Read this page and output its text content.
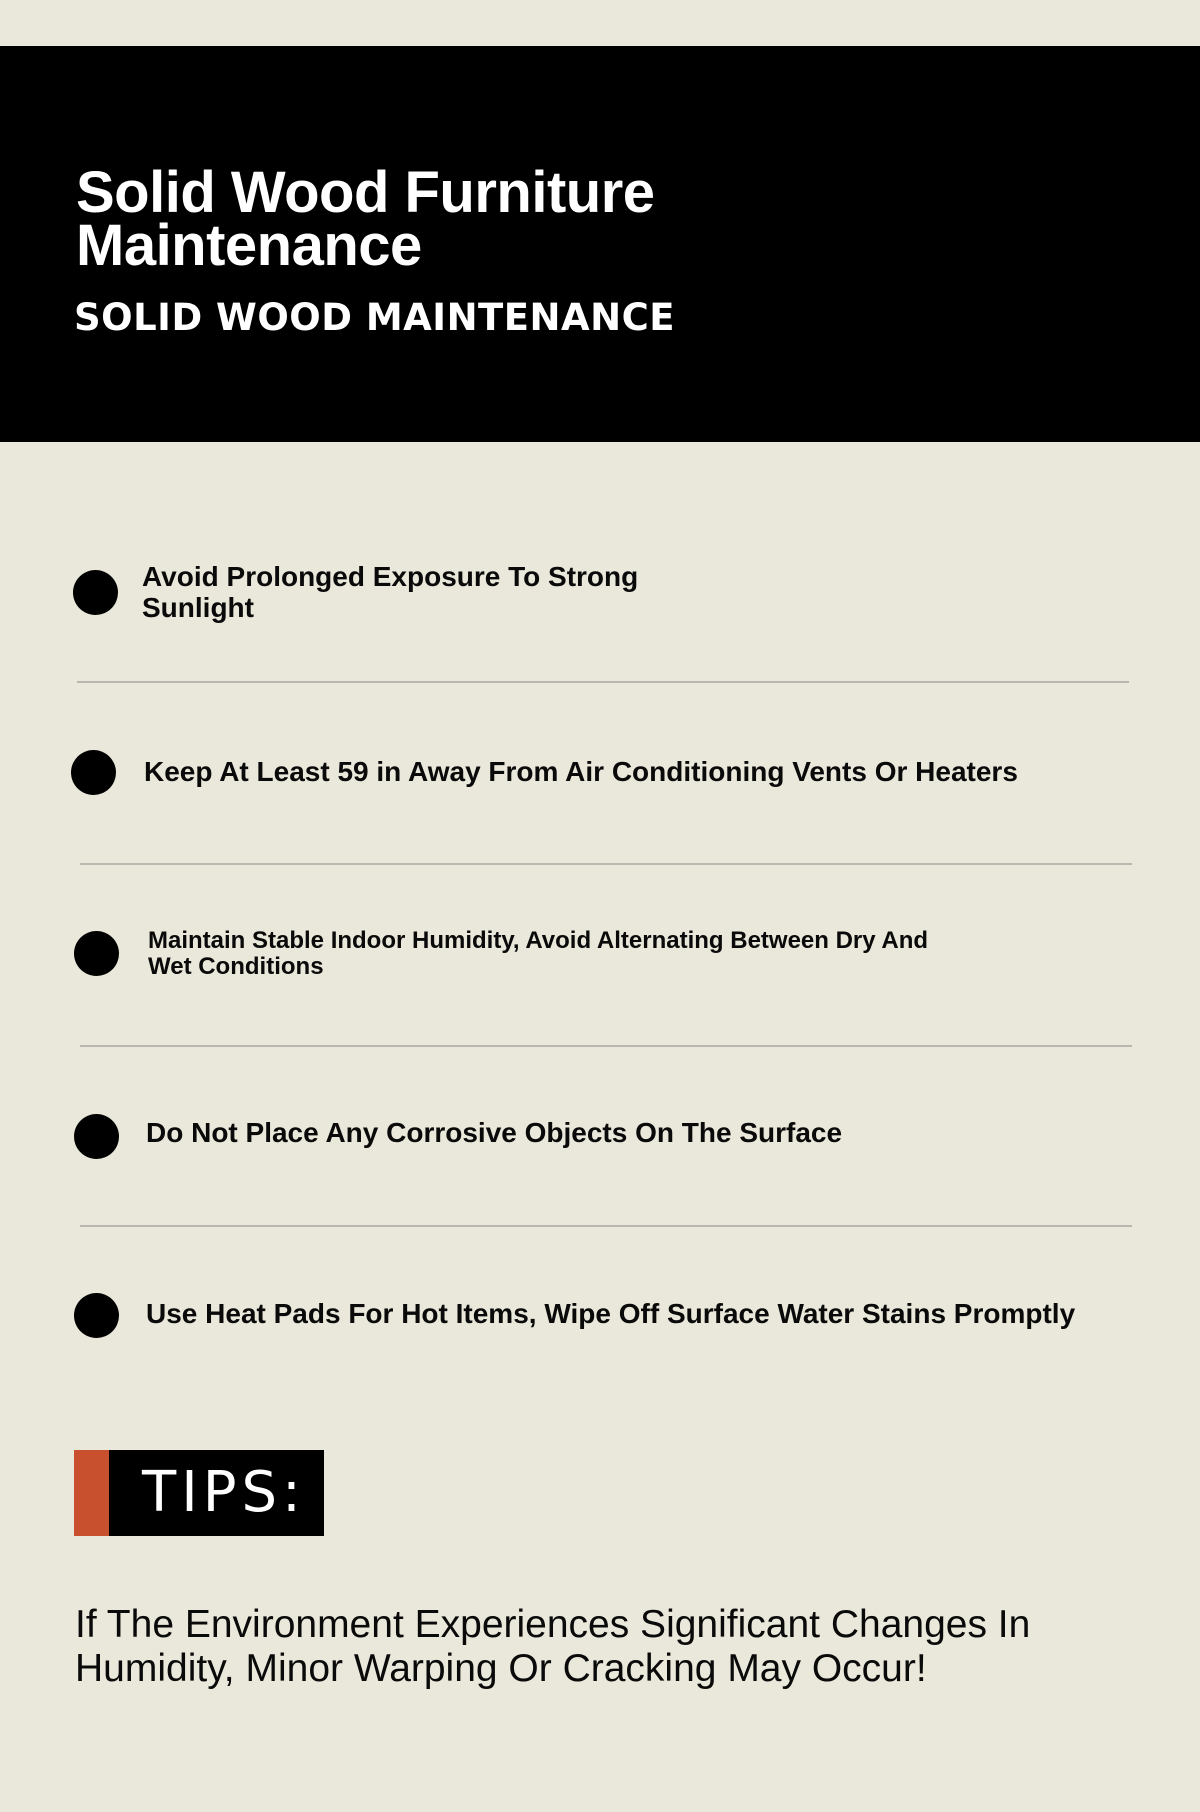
Solid Wood Furniture Maintenance
SOLID WOOD MAINTENANCE

Avoid Prolonged Exposure To Strong Sunlight

Keep At Least 59 in Away From Air Conditioning Vents Or Heaters

Maintain Stable Indoor Humidity, Avoid Alternating Between Dry And Wet Conditions

Do Not Place Any Corrosive Objects On The Surface

Use Heat Pads For Hot Items, Wipe Off Surface Water Stains Promptly

TIPS:

If The Environment Experiences Significant Changes In Humidity, Minor Warping Or Cracking May Occur!
